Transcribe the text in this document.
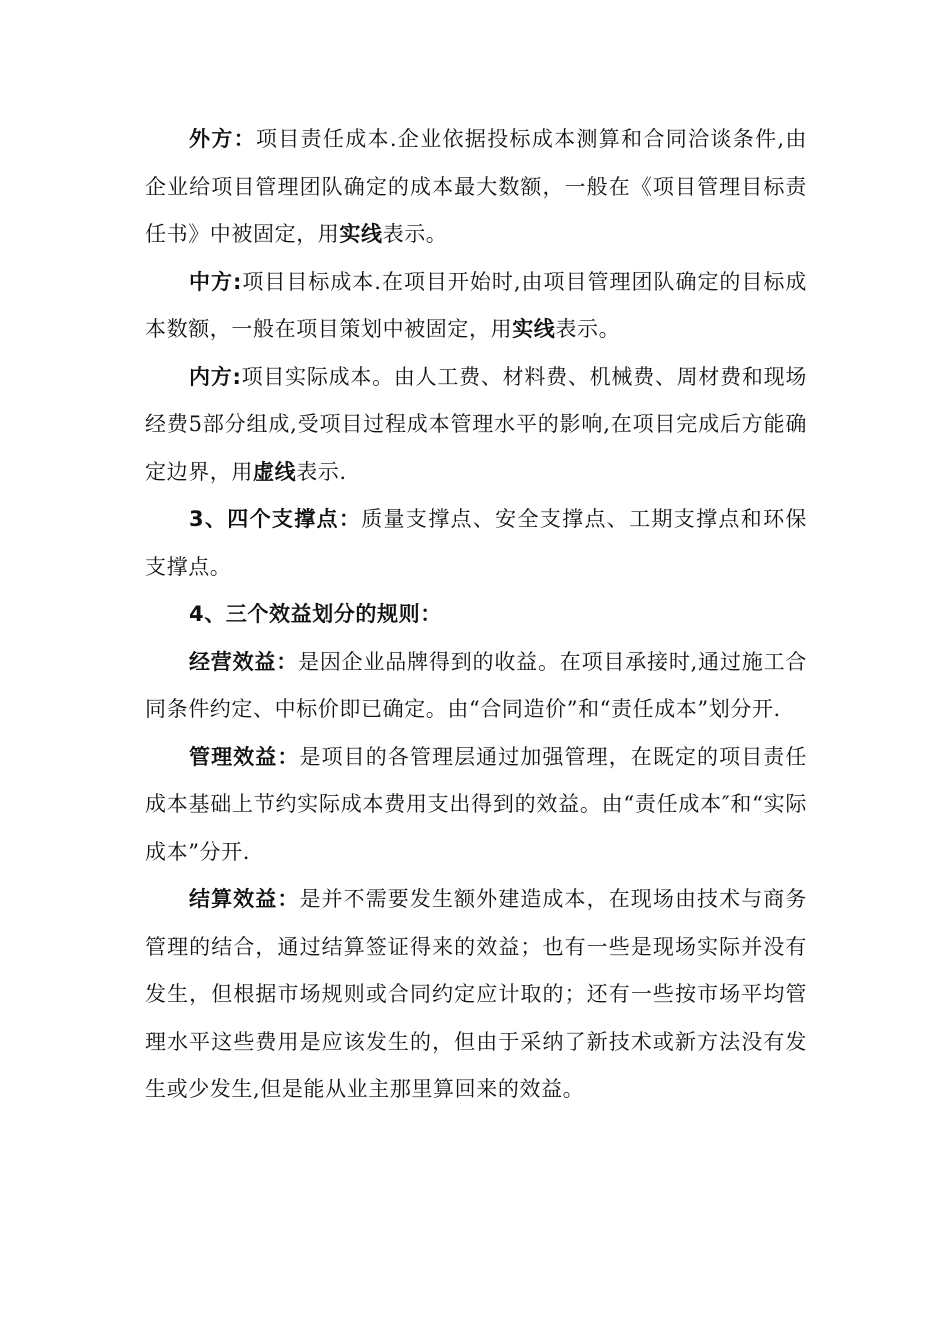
外方：项目责任成本.企业依据投标成本测算和合同洽谈条件,由企业给项目管理团队确定的成本最大数额，一般在《项目管理目标责任书》中被固定，用实线表示。

中方:项目目标成本.在项目开始时,由项目管理团队确定的目标成本数额，一般在项目策划中被固定，用实线表示。

内方:项目实际成本。由人工费、材料费、机械费、周材费和现场经费5部分组成,受项目过程成本管理水平的影响,在项目完成后方能确定边界，用虚线表示.

3、四个支撑点：质量支撑点、安全支撑点、工期支撑点和环保支撑点。

4、三个效益划分的规则：

经营效益：是因企业品牌得到的收益。在项目承接时,通过施工合同条件约定、中标价即已确定。由“合同造价”和“责任成本”划分开.

管理效益：是项目的各管理层通过加强管理，在既定的项目责任成本基础上节约实际成本费用支出得到的效益。由“责任成本″和“实际成本”分开.

结算效益：是并不需要发生额外建造成本，在现场由技术与商务管理的结合，通过结算签证得来的效益；也有一些是现场实际并没有发生，但根据市场规则或合同约定应计取的；还有一些按市场平均管理水平这些费用是应该发生的，但由于采纳了新技术或新方法没有发生或少发生,但是能从业主那里算回来的效益。
